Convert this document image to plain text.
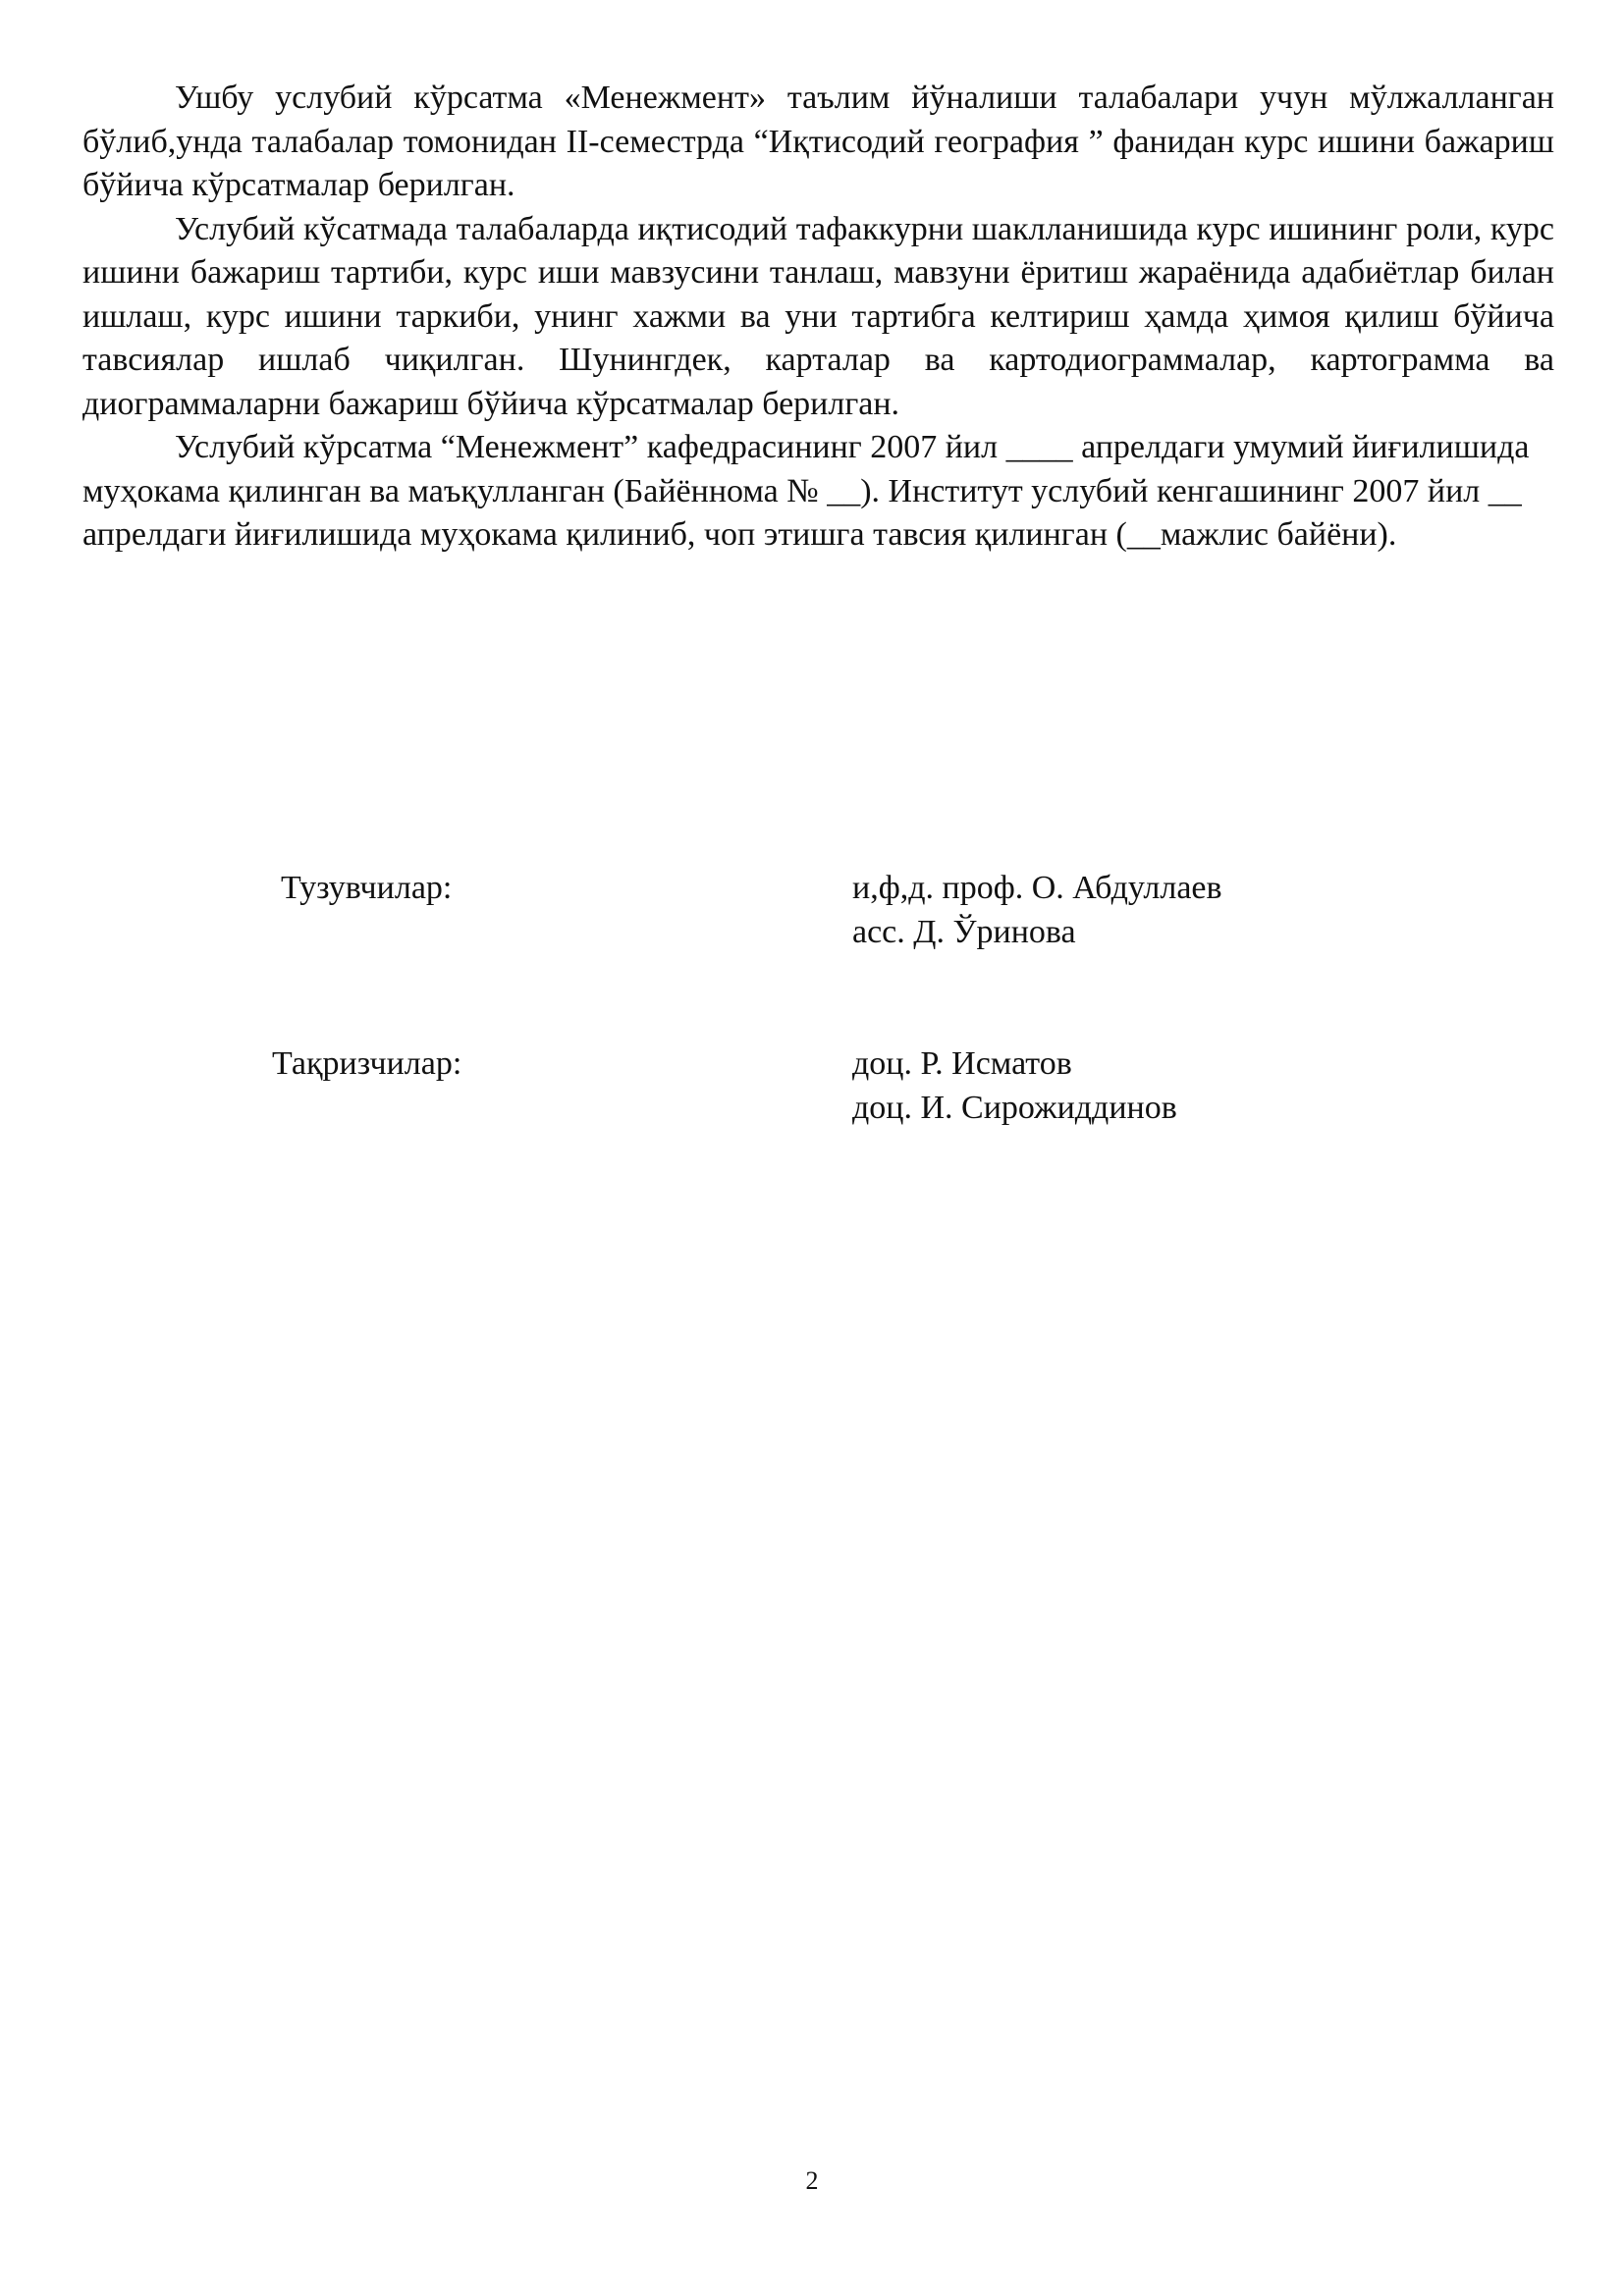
Ушбу услубий кўрсатма «Менежмент» таълим йўналиши талабалари учун мўлжалланган бўлиб,унда талабалар томонидан II-семестрда “Иқтисодий география ” фанидан курс ишини бажариш бўйича кўрсатмалар берилган.

Услубий кўсатмада талабаларда иқтисодий тафаккурни шаклланишида курс ишининг роли, курс ишини бажариш тартиби, курс иши мавзусини танлаш, мавзуни ёритиш жараёнида адабиётлар билан ишлаш, курс ишини таркиби, унинг хажми ва уни тартибга келтириш ҳамда ҳимоя қилиш бўйича тавсиялар ишлаб чиқилган. Шунингдек, карталар ва картодиограммалар, картограмма ва диограммаларни бажариш бўйича кўрсатмалар берилган.

Услубий кўрсатма “Менежмент” кафедрасининг 2007 йил ____ апрелдаги умумий йиғилишида муҳокама қилинган ва маъқулланган (Байённома № __). Институт услубий кенгашининг 2007 йил __ апрелдаги йиғилишида муҳокама қилиниб, чоп этишга тавсия қилинган (__мажлис байёни).

Тузувчилар:	и,ф,д. проф. О. Абдуллаев
асс. Д. Ўринова
Тақризчилар:	доц. Р. Исматов
доц. И. Сирожиддинов
2
